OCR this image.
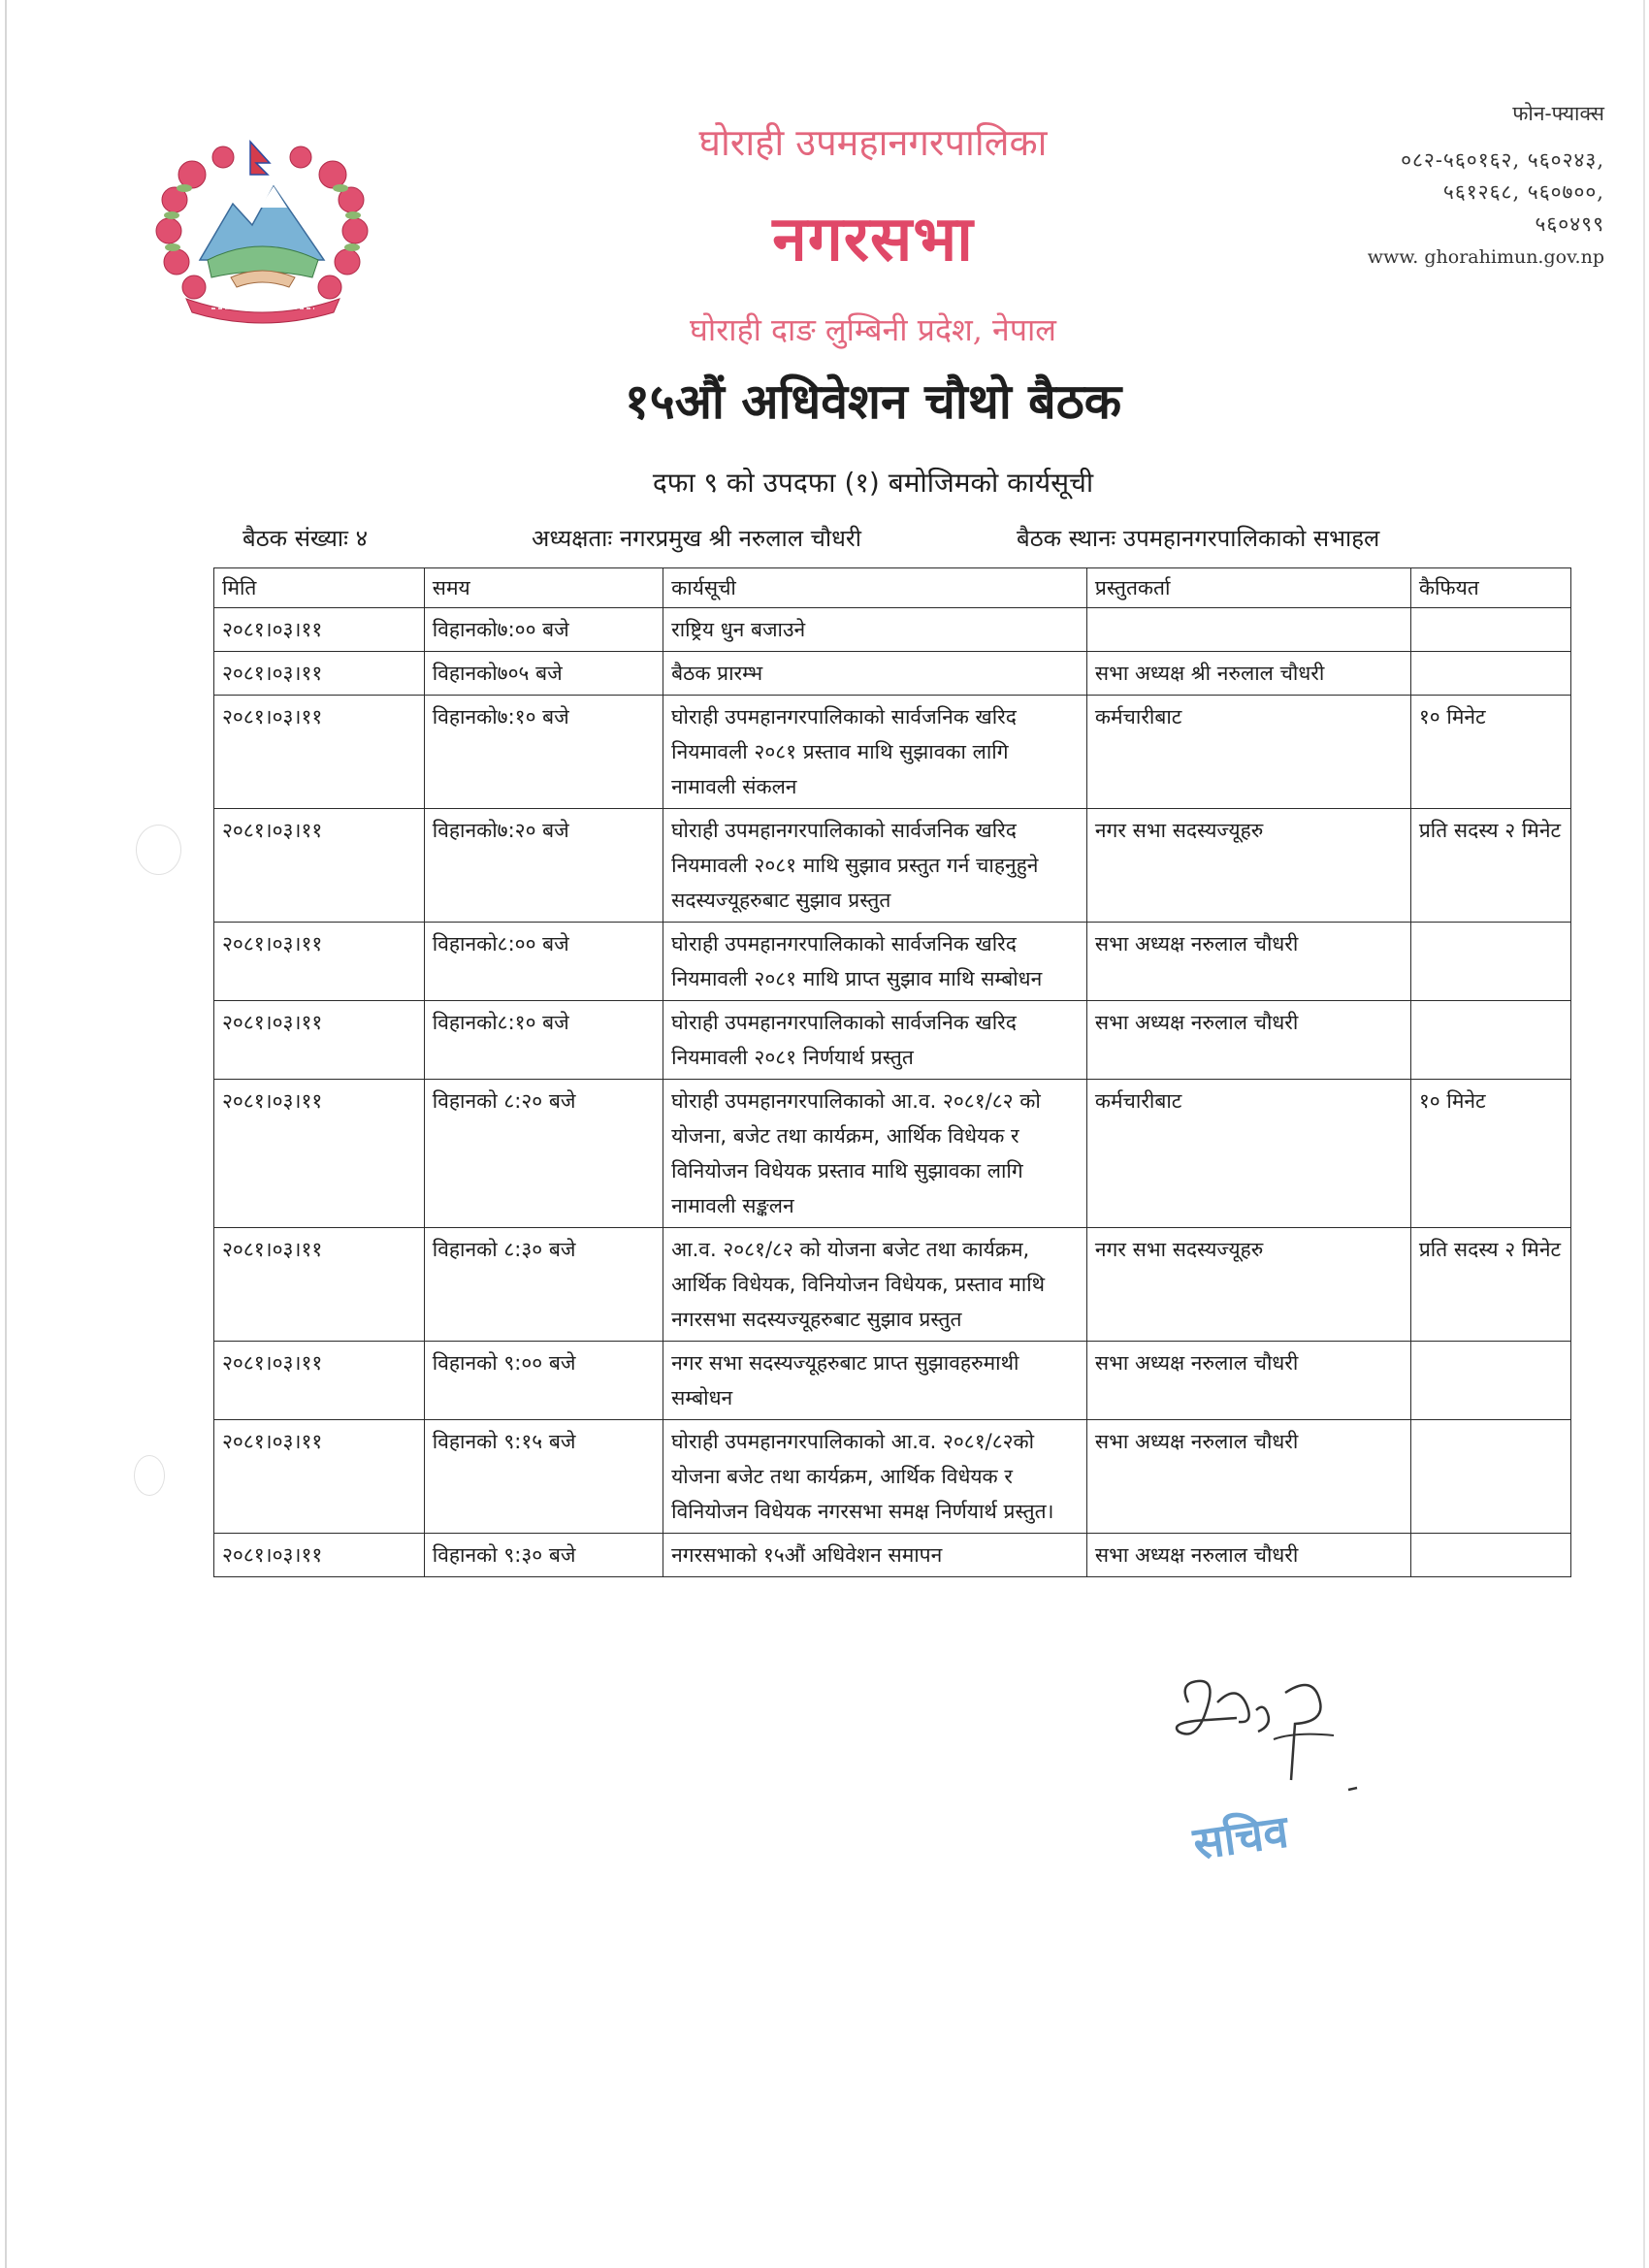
घोराही उपमहानगरपालिका
नगरसभा
घोराही दाङ लुम्बिनी प्रदेश, नेपाल
१५औं अधिवेशन चौथो बैठक
दफा ९ को उपदफा (१) बमोजिमको कार्यसूची
फोन-फ्याक्स
०८२-५६०१६२, ५६०२४३,
५६१२६८, ५६०७००,
५६०४९९
www. ghorahimun.gov.np
बैठक संख्याः ४	अध्यक्षताः नगरप्रमुख श्री नरुलाल चौधरी	बैठक स्थानः उपमहानगरपालिकाको सभाहल
मिति	समय	कार्यसूची	प्रस्तुतकर्ता	कैफियत
२०८१।०३।११	विहानको७:०० बजे	राष्ट्रिय धुन बजाउने		
२०८१।०३।११	विहानको७०५ बजे	बैठक प्रारम्भ	सभा अध्यक्ष श्री नरुलाल चौधरी	
२०८१।०३।११	विहानको७:१० बजे	घोराही उपमहानगरपालिकाको सार्वजनिक खरिद नियमावली २०८१ प्रस्ताव माथि सुझावका लागि नामावली संकलन	कर्मचारीबाट	१० मिनेट
२०८१।०३।११	विहानको७:२० बजे	घोराही उपमहानगरपालिकाको सार्वजनिक खरिद नियमावली २०८१ माथि सुझाव प्रस्तुत गर्न चाहनुहुने सदस्यज्यूहरुबाट सुझाव प्रस्तुत	नगर सभा सदस्यज्यूहरु	प्रति सदस्य २ मिनेट
२०८१।०३।११	विहानको८:०० बजे	घोराही उपमहानगरपालिकाको सार्वजनिक खरिद नियमावली २०८१ माथि प्राप्त सुझाव माथि सम्बोधन	सभा अध्यक्ष नरुलाल चौधरी	
२०८१।०३।११	विहानको८:१० बजे	घोराही उपमहानगरपालिकाको सार्वजनिक खरिद नियमावली २०८१ निर्णयार्थ प्रस्तुत	सभा अध्यक्ष नरुलाल चौधरी	
२०८१।०३।११	विहानको ८:२० बजे	घोराही उपमहानगरपालिकाको आ.व. २०८१/८२ को योजना, बजेट तथा कार्यक्रम, आर्थिक विधेयक र विनियोजन विधेयक प्रस्ताव माथि सुझावका लागि नामावली सङ्कलन	कर्मचारीबाट	१० मिनेट
२०८१।०३।११	विहानको ८:३० बजे	आ.व. २०८१/८२ को योजना बजेट तथा कार्यक्रम, आर्थिक विधेयक, विनियोजन विधेयक, प्रस्ताव माथि नगरसभा सदस्यज्यूहरुबाट सुझाव प्रस्तुत	नगर सभा सदस्यज्यूहरु	प्रति सदस्य २ मिनेट
२०८१।०३।११	विहानको ९:०० बजे	नगर सभा सदस्यज्यूहरुबाट प्राप्त सुझावहरुमाथी सम्बोधन	सभा अध्यक्ष नरुलाल चौधरी	
२०८१।०३।११	विहानको ९:१५ बजे	घोराही उपमहानगरपालिकाको आ.व. २०८१/८२को योजना बजेट तथा कार्यक्रम, आर्थिक विधेयक र विनियोजन विधेयक नगरसभा समक्ष निर्णयार्थ प्रस्तुत।	सभा अध्यक्ष नरुलाल चौधरी	
२०८१।०३।११	विहानको ९:३० बजे	नगरसभाको १५औं अधिवेशन समापन	सभा अध्यक्ष नरुलाल चौधरी	
सचिव
